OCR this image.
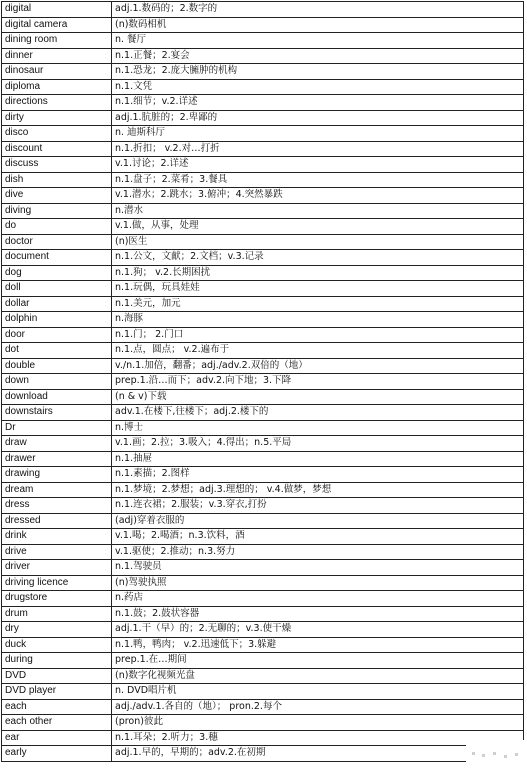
digital	adj.1.数码的；2.数字的
digital camera	(n)数码相机
dining room	n. 餐厅
dinner	n.1.正餐；2.宴会
dinosaur	n.1.恐龙；2.庞大臃肿的机构
diploma	n.1.文凭
directions	n.1.细节；v.2.详述
dirty	adj.1.肮脏的；2.卑鄙的
disco	n. 迪斯科厅
discount	n.1.折扣； v.2.对…打折
discuss	v.1.讨论；2.详述
dish	n.1.盘子；2.菜肴；3.餐具
dive	v.1.潜水；2.跳水；3.俯冲；4.突然暴跌
diving	n.潜水
do	v.1.做，从事，处理
doctor	(n)医生
document	n.1.公文，文献；2.文档；v.3.记录
dog	n.1.狗； v.2.长期困扰
doll	n.1.玩偶，玩具娃娃
dollar	n.1.美元，加元
dolphin	n.海豚
door	n.1.门； 2.门口
dot	n.1.点，圆点； v.2.遍布于
double	v./n.1.加倍，翻番；adj./adv.2.双倍的（地）
down	prep.1.沿…而下；adv.2.向下地；3.下降
download	(n & v)下载
downstairs	adv.1.在楼下,往楼下；adj.2.楼下的
Dr	n.博士
draw	v.1.画；2.拉；3.吸入；4.得出；n.5.平局
drawer	n.1.抽屉
drawing	n.1.素描；2.图样
dream	n.1.梦境；2.梦想；adj.3.理想的； v.4.做梦，梦想
dress	n.1.连衣裙；2.服装；v.3.穿衣,打扮
dressed	(adj)穿着衣服的
drink	v.1.喝；2.喝酒；n.3.饮料，酒
drive	v.1.驱使；2.推动；n.3.努力
driver	n.1.驾驶员
driving licence	(n)驾驶执照
drugstore	n.药店
drum	n.1.鼓；2.鼓状容器
dry	adj.1.干（早）的；2.无聊的；v.3.使干燥
duck	n.1.鸭，鸭肉； v.2.迅速低下；3.躲避
during	prep.1.在…期间
DVD	(n)数字化视频光盘
DVD player	n. DVD唱片机
each	adj./adv.1.各自的（地）； pron.2.每个
each other	(pron)彼此
ear	n.1.耳朵；2.听力；3.穗
early	adj.1.早的，早期的；adv.2.在初期
